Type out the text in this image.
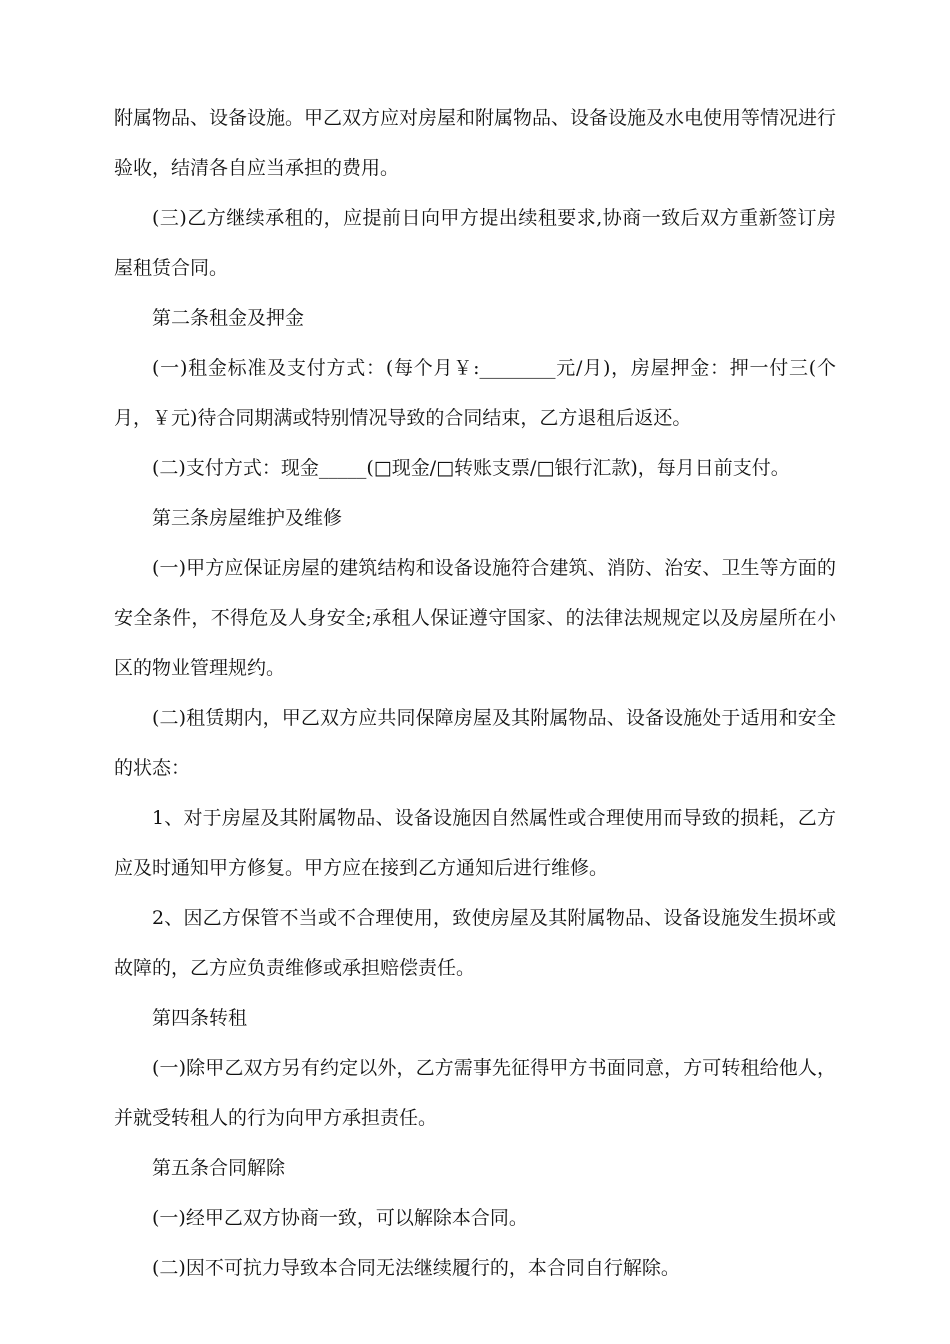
附属物品、设备设施。甲乙双方应对房屋和附属物品、设备设施及水电使用等情况进行验收，结清各自应当承担的费用。

(三)乙方继续承租的，应提前日向甲方提出续租要求,协商一致后双方重新签订房屋租赁合同。

第二条租金及押金

(一)租金标准及支付方式：(每个月￥:________元/月)，房屋押金：押一付三(个月，￥元)待合同期满或特别情况导致的合同结束，乙方退租后返还。

(二)支付方式：现金_____(□现金/□转账支票/□银行汇款)，每月日前支付。

第三条房屋维护及维修

(一)甲方应保证房屋的建筑结构和设备设施符合建筑、消防、治安、卫生等方面的安全条件，不得危及人身安全;承租人保证遵守国家、的法律法规规定以及房屋所在小区的物业管理规约。

(二)租赁期内，甲乙双方应共同保障房屋及其附属物品、设备设施处于适用和安全的状态：

1、对于房屋及其附属物品、设备设施因自然属性或合理使用而导致的损耗，乙方应及时通知甲方修复。甲方应在接到乙方通知后进行维修。

2、因乙方保管不当或不合理使用，致使房屋及其附属物品、设备设施发生损坏或故障的，乙方应负责维修或承担赔偿责任。

第四条转租

(一)除甲乙双方另有约定以外，乙方需事先征得甲方书面同意，方可转租给他人，并就受转租人的行为向甲方承担责任。

第五条合同解除

(一)经甲乙双方协商一致，可以解除本合同。

(二)因不可抗力导致本合同无法继续履行的，本合同自行解除。
